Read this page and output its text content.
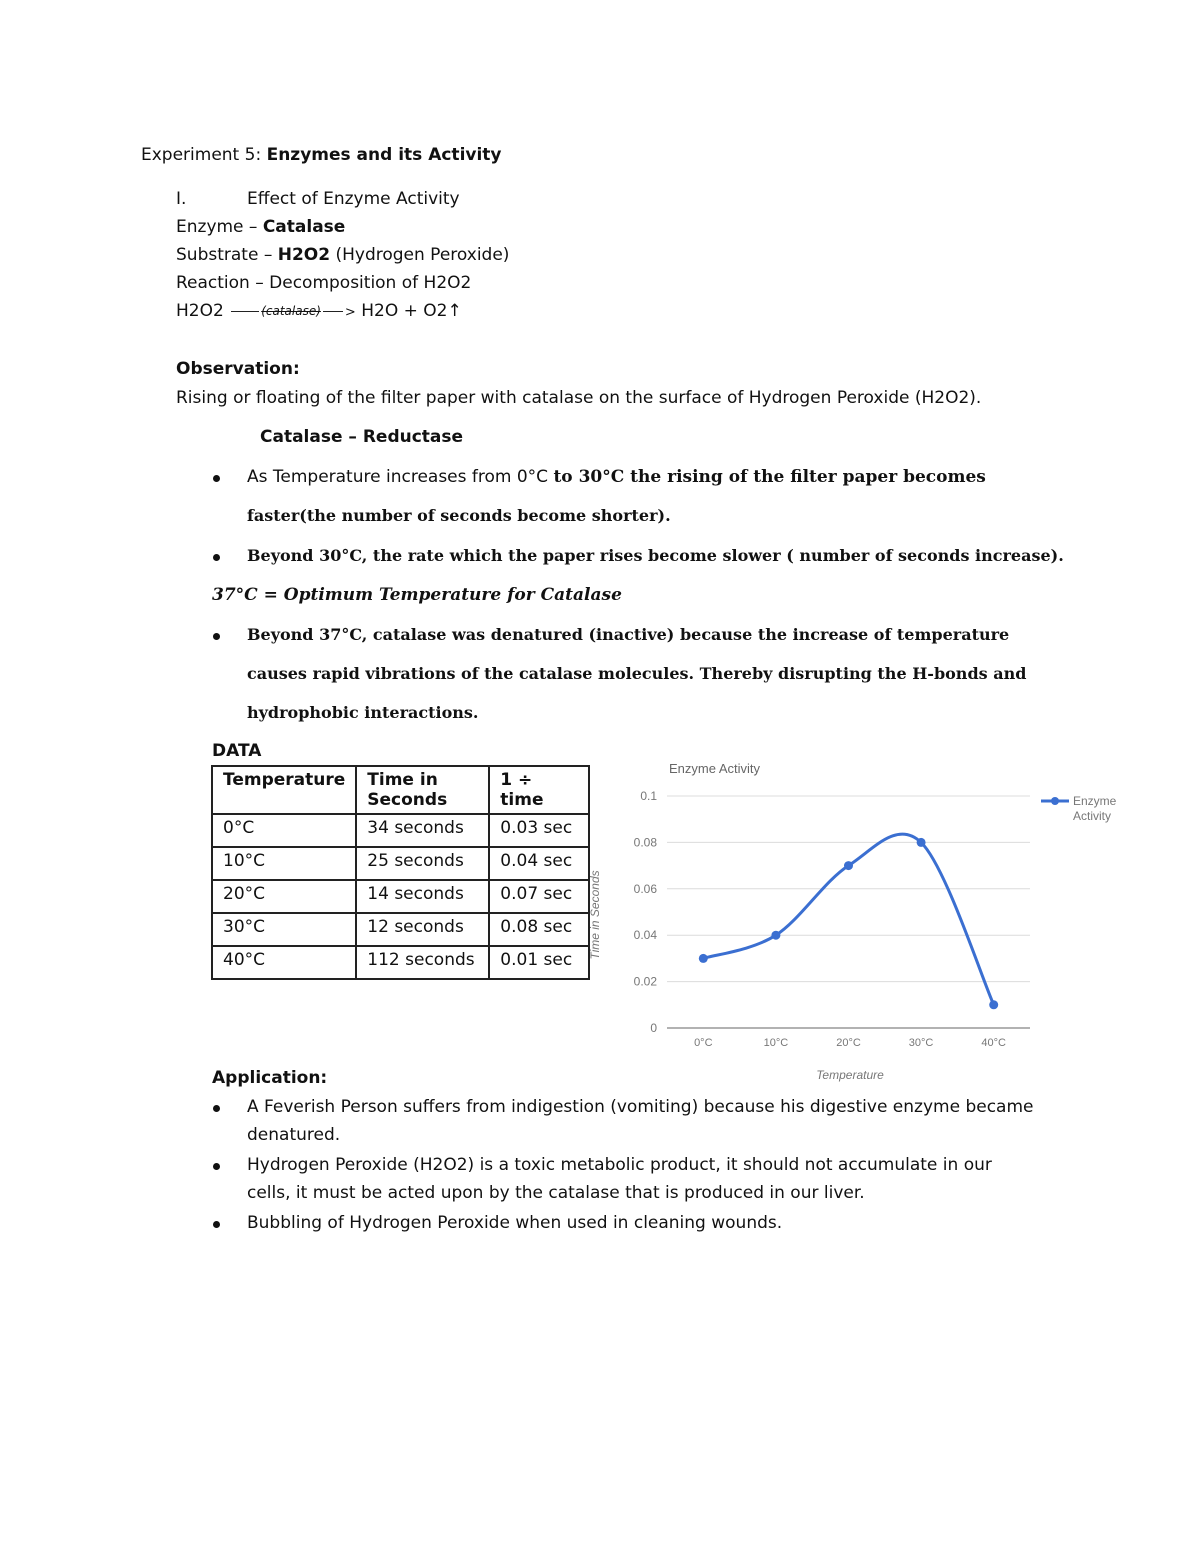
Experiment 5: Enzymes and its Activity
I.	Effect of Enzyme Activity
Enzyme – Catalase
Substrate – H2O2 (Hydrogen Peroxide)
Reaction – Decomposition of H2O2
H2O2	(catalase) > H2O + O2↑
Observation:
Rising or floating of the filter paper with catalase on the surface of Hydrogen Peroxide (H2O2).
Catalase – Reductase
As Temperature increases from 0°C to 30°C the rising of the filter paper becomes
faster(the number of seconds become shorter).
Beyond 30°C, the rate which the paper rises become slower ( number of seconds increase).
37°C = Optimum Temperature for Catalase
Beyond 37°C, catalase was denatured (inactive) because the increase of temperature
causes rapid vibrations of the catalase molecules. Thereby disrupting the H-bonds and
hydrophobic interactions.
DATA
Temperature	Time in Seconds	1 ÷ time
0°C	34 seconds	0.03 sec
10°C	25 seconds	0.04 sec
20°C	14 seconds	0.07 sec
30°C	12 seconds	0.08 sec
40°C	112 seconds	0.01 sec
Enzyme Activity
Time in Seconds
Temperature
0
0.02
0.04
0.06
0.08
0.1
0°C	10°C	20°C	30°C	40°C
Enzyme Activity
Application:
A Feverish Person suffers from indigestion (vomiting) because his digestive enzyme became
denatured.
Hydrogen Peroxide (H2O2) is a toxic metabolic product, it should not accumulate in our
cells, it must be acted upon by the catalase that is produced in our liver.
Bubbling of Hydrogen Peroxide when used in cleaning wounds.
